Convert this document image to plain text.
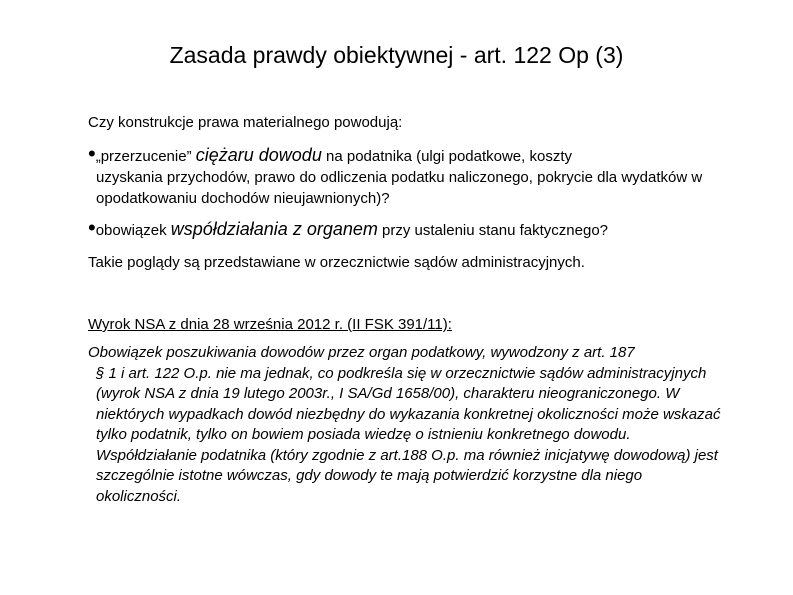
Zasada prawdy obiektywnej - art. 122 Op (3)
Czy konstrukcje prawa materialnego powodują:
•„przerzucenie” ciężaru dowodu na podatnika (ulgi podatkowe, koszty
uzyskania przychodów, prawo do odliczenia podatku naliczonego, pokrycie dla wydatków w opodatkowaniu dochodów nieujawnionych)?
•obowiązek współdziałania z organem przy ustaleniu stanu faktycznego?
Takie poglądy są przedstawiane w orzecznictwie sądów administracyjnych.
Wyrok NSA z dnia 28 września 2012 r. (II FSK 391/11):
Obowiązek poszukiwania dowodów przez organ podatkowy, wywodzony z art. 187
§ 1 i art. 122 O.p. nie ma jednak, co podkreśla się w orzecznictwie sądów administracyjnych (wyrok NSA z dnia 19 lutego 2003r., I SA/Gd 1658/00), charakteru nieograniczonego. W niektórych wypadkach dowód niezbędny do wykazania konkretnej okoliczności może wskazać tylko podatnik, tylko on bowiem posiada wiedzę o istnieniu konkretnego dowodu. Współdziałanie podatnika (który zgodnie z art.188 O.p. ma również inicjatywę dowodową) jest szczególnie istotne wówczas, gdy dowody te mają potwierdzić korzystne dla niego okoliczności.
